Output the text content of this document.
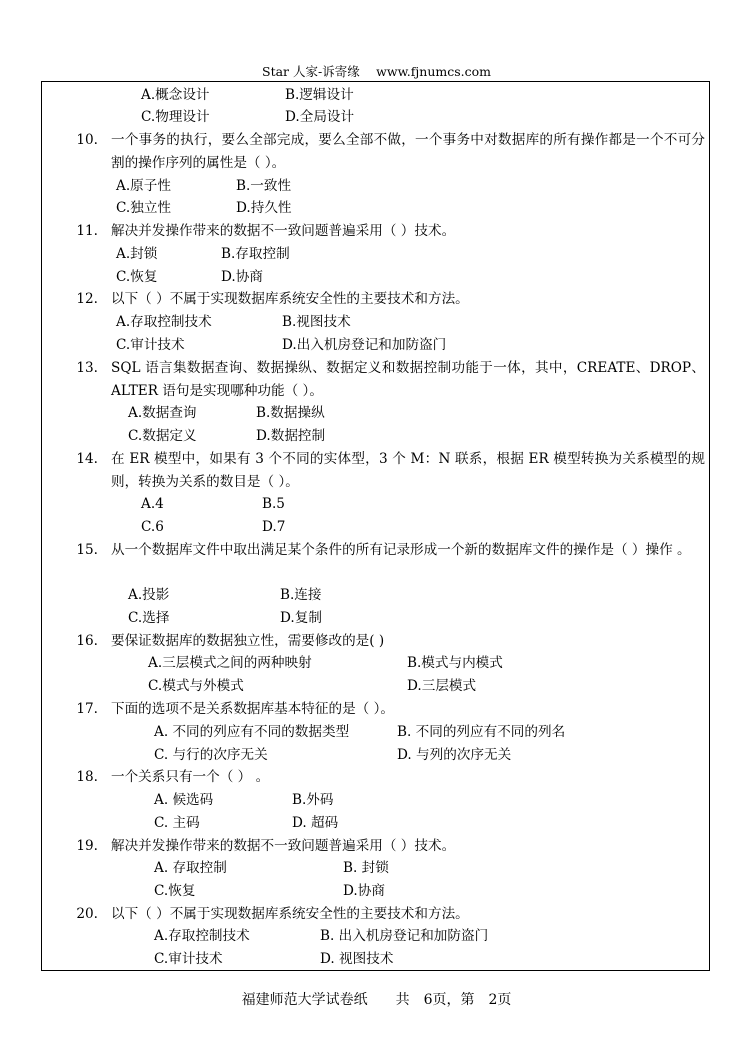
Star 人家-诉寄缘　 www.fjnumcs.com
A.概念设计	B.逻辑设计
C.物理设计	D.全局设计
10. 一个事务的执行，要么全部完成，要么全部不做，一个事务中对数据库的所有操作都是一个不可分割的操作序列的属性是（ ）。
A.原子性	B.一致性
C.独立性	D.持久性
11. 解决并发操作带来的数据不一致问题普遍采用（ ）技术。
A.封锁	B.存取控制
C.恢复	D.协商
12. 以下（ ）不属于实现数据库系统安全性的主要技术和方法。
A.存取控制技术	B.视图技术
C.审计技术	D.出入机房登记和加防盗门
13. SQL 语言集数据查询、数据操纵、数据定义和数据控制功能于一体，其中，CREATE、DROP、ALTER 语句是实现哪种功能（ ）。
A.数据查询	B.数据操纵
C.数据定义	D.数据控制
14. 在 ER 模型中，如果有 3 个不同的实体型，3 个 M：N 联系，根据 ER 模型转换为关系模型的规则，转换为关系的数目是（ ）。
A.4	B.5
C.6	D.7
15. 从一个数据库文件中取出满足某个条件的所有记录形成一个新的数据库文件的操作是（ ）操作 。
A.投影	B.连接
C.选择	D.复制
16. 要保证数据库的数据独立性，需要修改的是( )
A.三层模式之间的两种映射	B.模式与内模式
C.模式与外模式	D.三层模式
17. 下面的选项不是关系数据库基本特征的是（ ）。
A. 不同的列应有不同的数据类型	B. 不同的列应有不同的列名
C. 与行的次序无关	D. 与列的次序无关
18. 一个关系只有一个（ ） 。
A. 候选码	B.外码
C. 主码	D. 超码
19. 解决并发操作带来的数据不一致问题普遍采用（ ）技术。
A. 存取控制	B. 封锁
C.恢复	D.协商
20. 以下（ ）不属于实现数据库系统安全性的主要技术和方法。
A.存取控制技术	B. 出入机房登记和加防盗门
C.审计技术	D. 视图技术
福建师范大学试卷纸　　共　6页，第　2页
